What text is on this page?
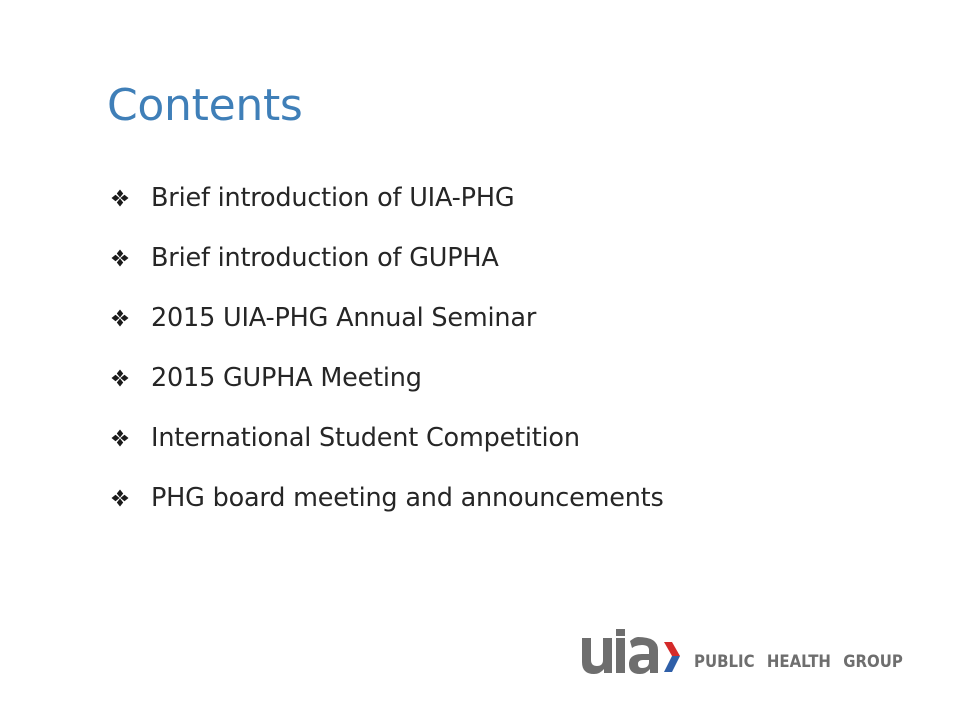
Contents
Brief introduction of UIA-PHG
Brief introduction of GUPHA
2015 UIA-PHG Annual Seminar
2015 GUPHA Meeting
International Student Competition
PHG board meeting and announcements
PUBLIC HEALTH GROUP
